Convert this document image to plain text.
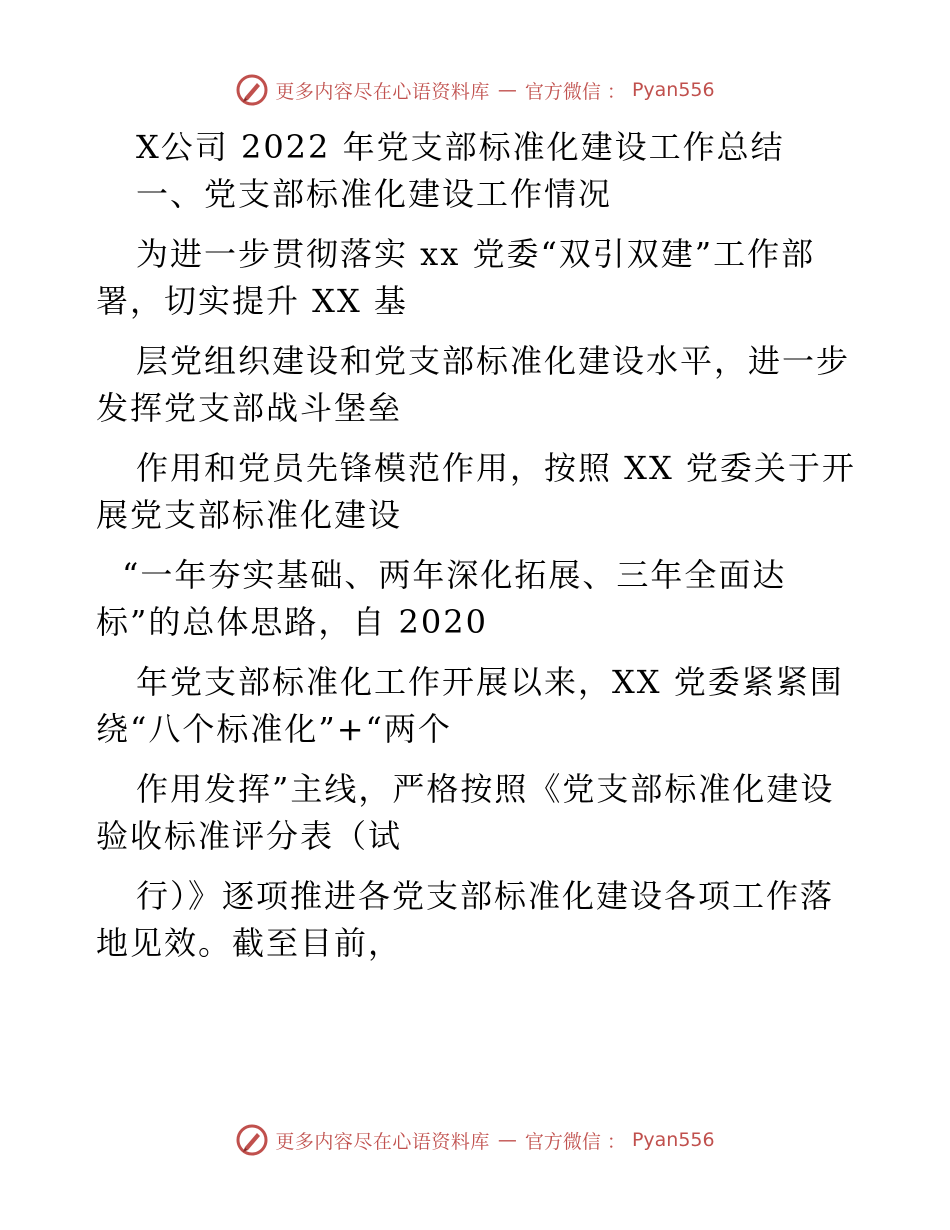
更多内容尽在心语资料库 — 官方微信 ： Pyan556
X公司 2022 年党支部标准化建设工作总结
一、党支部标准化建设工作情况
为进一步贯彻落实 xx 党委“双引双建”工作部
署，切实提升 XX 基
层党组织建设和党支部标准化建设水平，进一步
发挥党支部战斗堡垒
作用和党员先锋模范作用，按照 XX 党委关于开
展党支部标准化建设
“一年夯实基础、两年深化拓展、三年全面达
标”的总体思路，自 2020
年党支部标准化工作开展以来，XX 党委紧紧围
绕“八个标准化”+“两个
作用发挥”主线，严格按照《党支部标准化建设
验收标准评分表（试
行）》逐项推进各党支部标准化建设各项工作落
地见效。截至目前，
更多内容尽在心语资料库 — 官方微信 ： Pyan556
